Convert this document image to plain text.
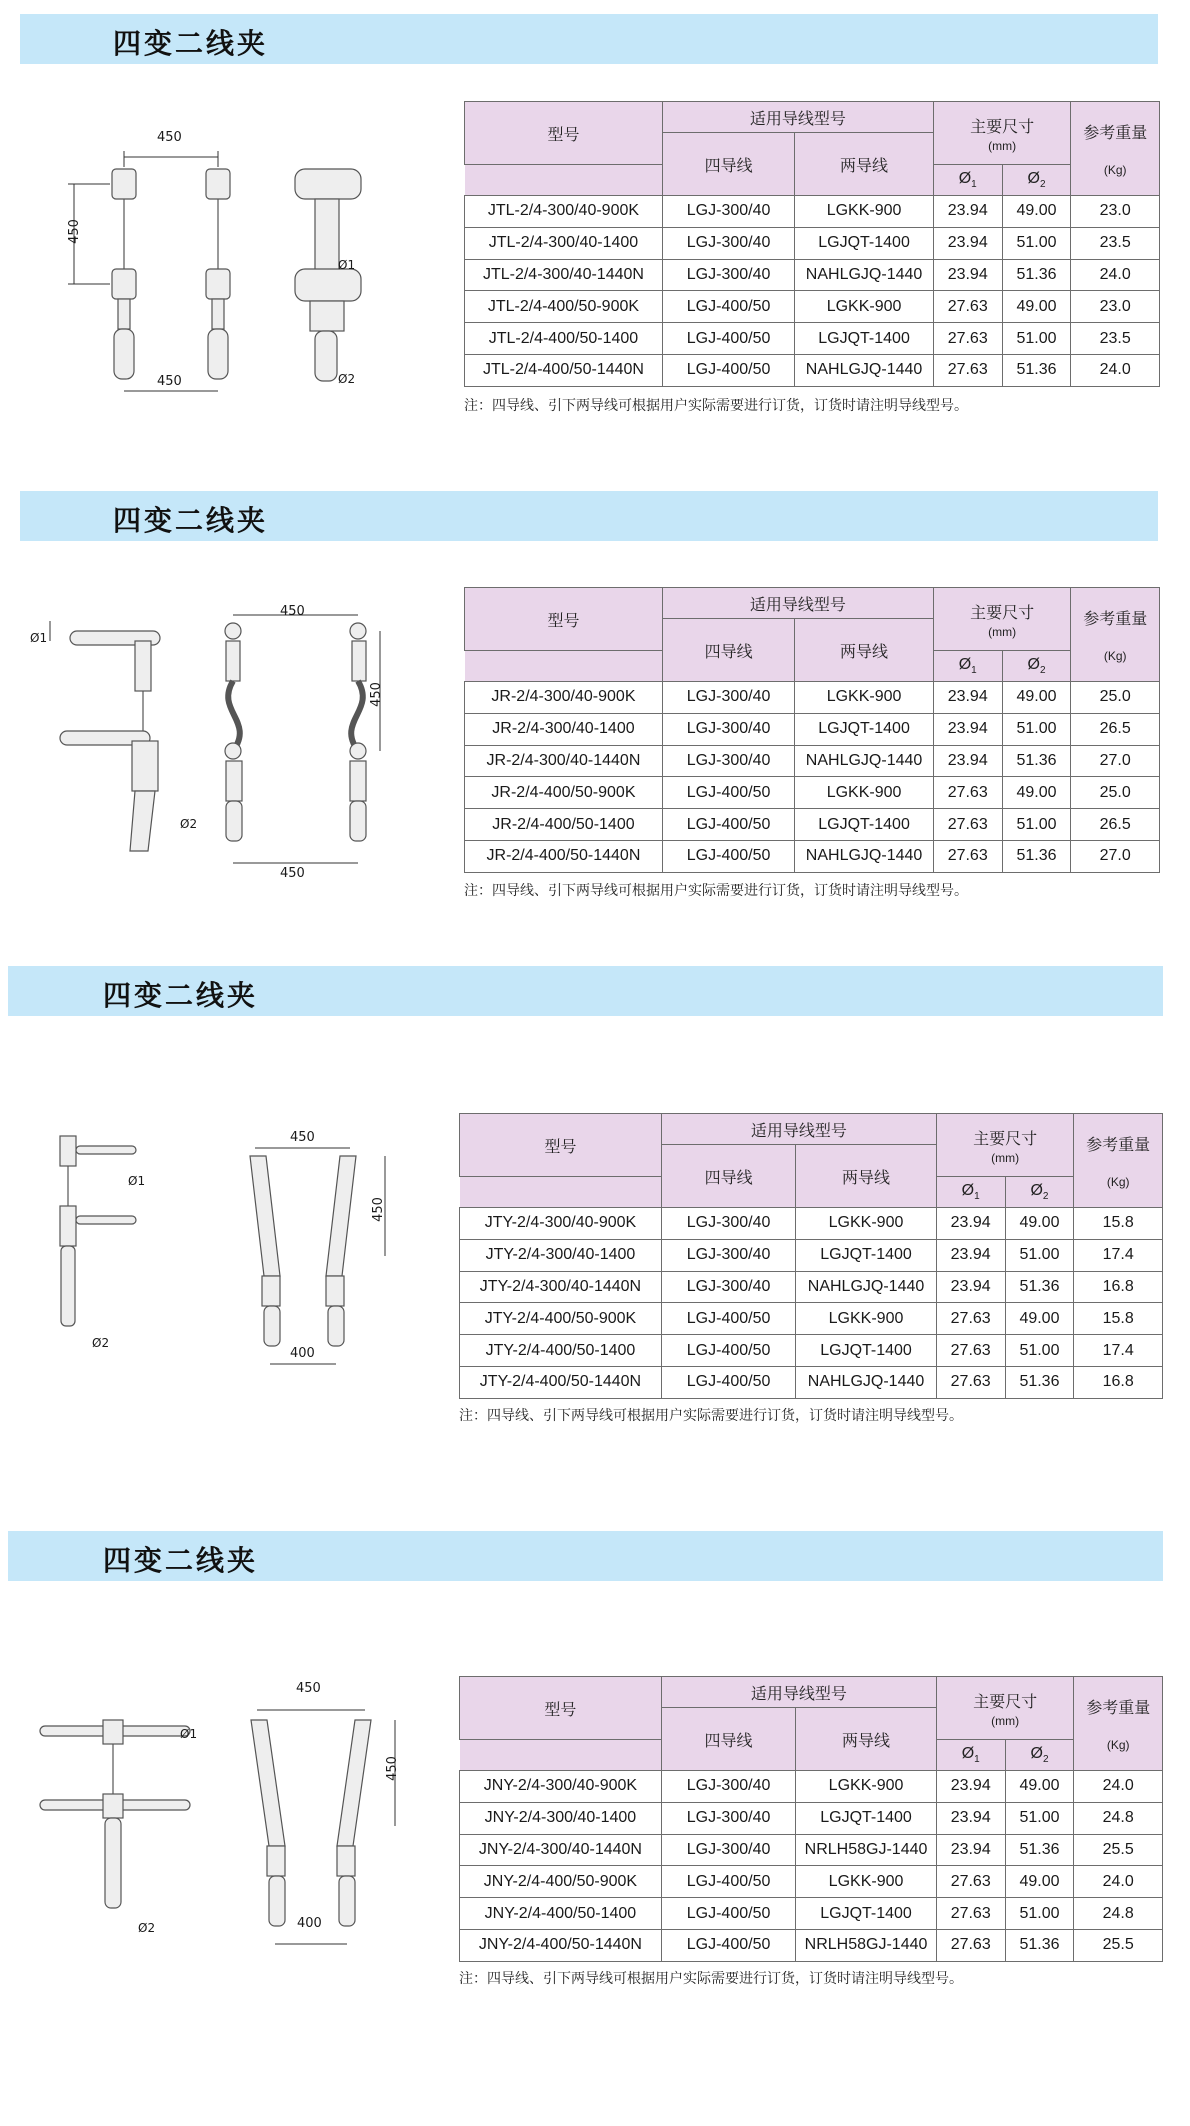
四变二线夹
450
450
450
Ø1
Ø2
型号	适用导线型号		主要尺寸
(mm)		参考重量

(Kg)

	四导线	两导线			
			$Ø_1$	$Ø_2$
JTL-2/4-300/40-900K	LGJ-300/40	LGKK-900	23.94	49.00	23.0
JTL-2/4-300/40-1400	LGJ-300/40	LGJQT-1400	23.94	51.00	23.5
JTL-2/4-300/40-1440N	LGJ-300/40	NAHLGJQ-1440	23.94	51.36	24.0
JTL-2/4-400/50-900K	LGJ-400/50	LGKK-900	27.63	49.00	23.0
JTL-2/4-400/50-1400	LGJ-400/50	LGJQT-1400	27.63	51.00	23.5
JTL-2/4-400/50-1440N	LGJ-400/50	NAHLGJQ-1440	27.63	51.36	24.0
注：四导线、引下两导线可根据用户实际需要进行订货，订货时请注明导线型号。
四变二线夹
450
450
450
Ø1
Ø2
型号	适用导线型号		主要尺寸
(mm)		参考重量

(Kg)

	四导线	两导线			
			$Ø_1$	$Ø_2$
JR-2/4-300/40-900K	LGJ-300/40	LGKK-900	23.94	49.00	25.0
JR-2/4-300/40-1400	LGJ-300/40	LGJQT-1400	23.94	51.00	26.5
JR-2/4-300/40-1440N	LGJ-300/40	NAHLGJQ-1440	23.94	51.36	27.0
JR-2/4-400/50-900K	LGJ-400/50	LGKK-900	27.63	49.00	25.0
JR-2/4-400/50-1400	LGJ-400/50	LGJQT-1400	27.63	51.00	26.5
JR-2/4-400/50-1440N	LGJ-400/50	NAHLGJQ-1440	27.63	51.36	27.0
注：四导线、引下两导线可根据用户实际需要进行订货，订货时请注明导线型号。
四变二线夹
450
450
400
Ø1
Ø2
型号	适用导线型号		主要尺寸
(mm)		参考重量

(Kg)

	四导线	两导线			
			$Ø_1$	$Ø_2$
JTY-2/4-300/40-900K	LGJ-300/40	LGKK-900	23.94	49.00	15.8
JTY-2/4-300/40-1400	LGJ-300/40	LGJQT-1400	23.94	51.00	17.4
JTY-2/4-300/40-1440N	LGJ-300/40	NAHLGJQ-1440	23.94	51.36	16.8
JTY-2/4-400/50-900K	LGJ-400/50	LGKK-900	27.63	49.00	15.8
JTY-2/4-400/50-1400	LGJ-400/50	LGJQT-1400	27.63	51.00	17.4
JTY-2/4-400/50-1440N	LGJ-400/50	NAHLGJQ-1440	27.63	51.36	16.8
注：四导线、引下两导线可根据用户实际需要进行订货，订货时请注明导线型号。
四变二线夹
450
450
400
Ø1
Ø2
型号	适用导线型号		主要尺寸
(mm)		参考重量

(Kg)

	四导线	两导线			
			$Ø_1$	$Ø_2$
JNY-2/4-300/40-900K	LGJ-300/40	LGKK-900	23.94	49.00	24.0
JNY-2/4-300/40-1400	LGJ-300/40	LGJQT-1400	23.94	51.00	24.8
JNY-2/4-300/40-1440N	LGJ-300/40	NRLH58GJ-1440	23.94	51.36	25.5
JNY-2/4-400/50-900K	LGJ-400/50	LGKK-900	27.63	49.00	24.0
JNY-2/4-400/50-1400	LGJ-400/50	LGJQT-1400	27.63	51.00	24.8
JNY-2/4-400/50-1440N	LGJ-400/50	NRLH58GJ-1440	27.63	51.36	25.5
注：四导线、引下两导线可根据用户实际需要进行订货，订货时请注明导线型号。
